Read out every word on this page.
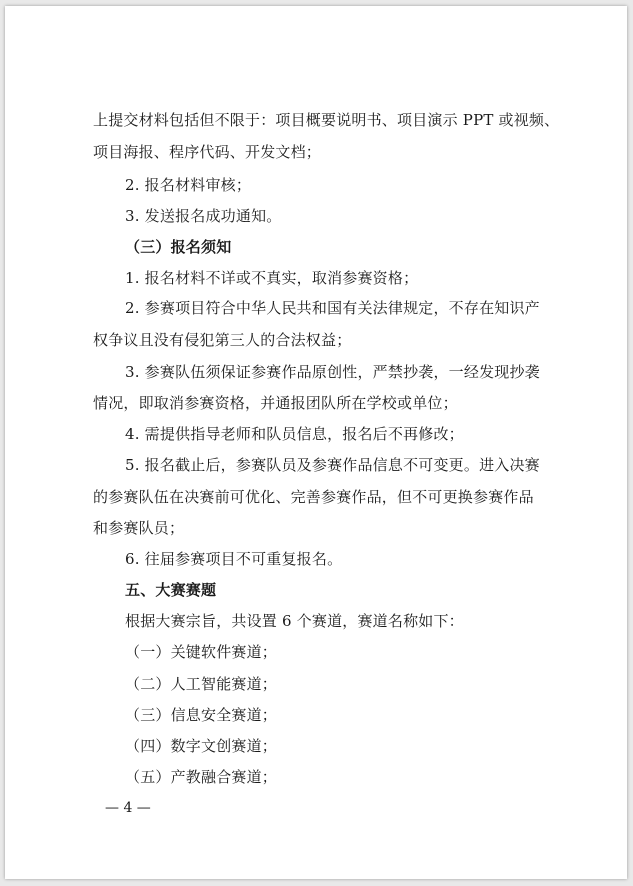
上提交材料包括但不限于：项目概要说明书、项目演示 PPT 或视频、
项目海报、程序代码、开发文档；
2. 报名材料审核；
3. 发送报名成功通知。
（三）报名须知
1. 报名材料不详或不真实，取消参赛资格；
2. 参赛项目符合中华人民共和国有关法律规定，不存在知识产
权争议且没有侵犯第三人的合法权益；
3. 参赛队伍须保证参赛作品原创性，严禁抄袭，一经发现抄袭
情况，即取消参赛资格，并通报团队所在学校或单位；
4. 需提供指导老师和队员信息，报名后不再修改；
5. 报名截止后，参赛队员及参赛作品信息不可变更。进入决赛
的参赛队伍在决赛前可优化、完善参赛作品，但不可更换参赛作品
和参赛队员；
6. 往届参赛项目不可重复报名。
五、大赛赛题
根据大赛宗旨，共设置 6 个赛道，赛道名称如下：
（一）关键软件赛道；
（二）人工智能赛道；
（三）信息安全赛道；
（四）数字文创赛道；
（五）产教融合赛道；
— 4 —
